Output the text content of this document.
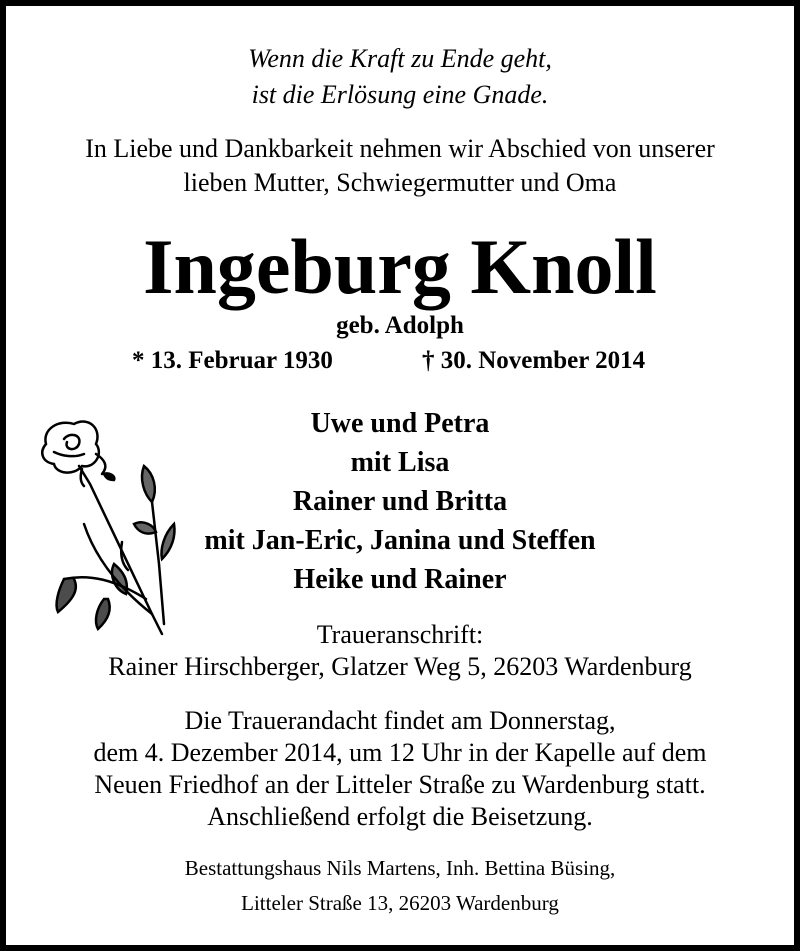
Wenn die Kraft zu Ende geht,
ist die Erlösung eine Gnade.
In Liebe und Dankbarkeit nehmen wir Abschied von unserer
lieben Mutter, Schwiegermutter und Oma
Ingeburg Knoll
geb. Adolph
* 13. Februar 1930	† 30. November 2014
Uwe und Petra
mit Lisa
Rainer und Britta
mit Jan-Eric, Janina und Steffen
Heike und Rainer
Traueranschrift:
Rainer Hirschberger, Glatzer Weg 5, 26203 Wardenburg
Die Trauerandacht findet am Donnerstag,
dem 4. Dezember 2014, um 12 Uhr in der Kapelle auf dem
Neuen Friedhof an der Litteler Straße zu Wardenburg statt.
Anschließend erfolgt die Beisetzung.
Bestattungshaus Nils Martens, Inh. Bettina Büsing,
Litteler Straße 13, 26203 Wardenburg
